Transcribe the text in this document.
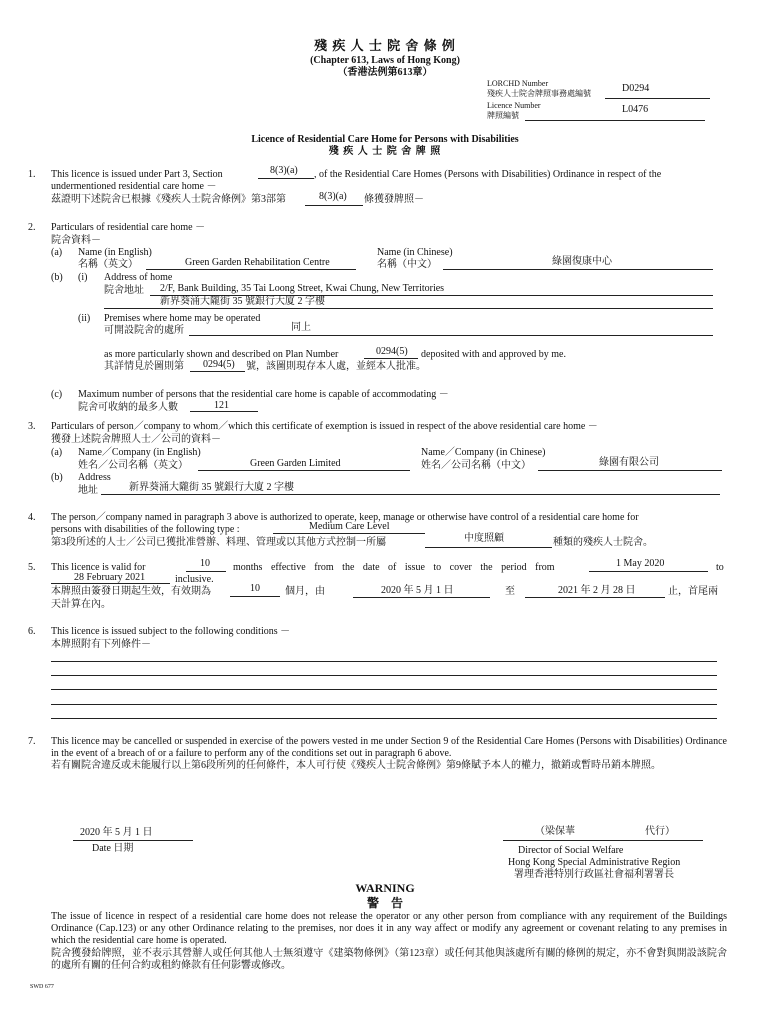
殘 疾 人 士 院 舍 條 例
(Chapter 613, Laws of Hong Kong)
（香港法例第613章）
LORCHD Number
殘疾人士院舍牌照事務處編號	D0294
Licence Number
牌照編號
L0476
Licence of Residential Care Home for Persons with Disabilities
殘 疾 人 士 院 舍 牌 照
1. This licence is issued under Part 3, Section	8(3)(a) , of the Residential Care Homes (Persons with Disabilities) Ordinance in respect of the
undermentioned residential care home －
茲證明下述院舍已根據《殘疾人士院舍條例》第3部第	8(3)(a) 條獲發牌照－
2. Particulars of residential care home －
院舍資料－
(a) Name (in English)
名稱（英文）	Green Garden Rehabilitation Centre
Name (in Chinese)
名稱（中文）	綠園復康中心
(b) (i) Address of home
院舍地址 2/F, Bank Building, 35 Tai Loong Street, Kwai Chung, New Territories
新界葵涌大隴街 35 號銀行大廈 2 字樓
(ii) Premises where home may be operated
可開設院舍的處所	同上
as more particularly shown and described on Plan Number	0294(5) deposited with and approved by me.
其詳情見於圖則第 0294(5) 號，該圖則現存本人處，並經本人批准。
(c) Maximum number of persons that the residential care home is capable of accommodating －
院舍可收納的最多人數	121
3. Particulars of person／company to whom／which this certificate of exemption is issued in respect of the above residential care home －
獲發上述院舍牌照人士／公司的資料－
(a) Name／Company (in English)
姓名／公司名稱（英文）	Green Garden Limited
Name／Company (in Chinese)
姓名／公司名稱（中文）	綠園有限公司
(b) Address
地址	新界葵涌大隴街 35 號銀行大廈 2 字樓
4. The person／company named in paragraph 3 above is authorized to operate, keep, manage or otherwise have control of a residential care home for
persons with disabilities of the following type :	Medium Care Level
第3段所述的人士／公司已獲批准營辦、料理、管理或以其他方式控制一所屬	中度照顧	種類的殘疾人士院舍。
5. This licence is valid for	10 months effective from the date of issue to cover the period from	1 May 2020	to
28 February 2021	inclusive.
本牌照由簽發日期起生效，有效期為	10	個月，由	2020 年 5 月 1 日	至	2021 年 2 月 28 日	止，首尾兩
天計算在內。
6. This licence is issued subject to the following conditions －
本牌照附有下列條件－
7. This licence may be cancelled or suspended in exercise of the powers vested in me under Section 9 of the Residential Care Homes (Persons with Disabilities) Ordinance in the event of a breach of or a failure to perform any of the conditions set out in paragraph 6 above.
若有關院舍違反或未能履行以上第6段所列的任何條件，本人可行使《殘疾人士院舍條例》第9條賦予本人的權力，撤銷或暫時吊銷本牌照。
2020 年 5 月 1 日
Date 日期
（梁保華	代行）
Director of Social Welfare
Hong Kong Special Administrative Region
署理香港特別行政區社會福利署署長
WARNING
警　告
The issue of licence in respect of a residential care home does not release the operator or any other person from compliance with any requirement of the Buildings Ordinance (Cap.123) or any other Ordinance relating to the premises, nor does it in any way affect or modify any agreement or covenant relating to any premises in which the residential care home is operated.
院舍獲發給牌照，並不表示其營辦人或任何其他人士無須遵守《建築物條例》（第123章）或任何其他與該處所有關的條例的規定，亦不會對與開設該院舍的處所有關的任何合約或租約條款有任何影響或修改。
SWD 677
